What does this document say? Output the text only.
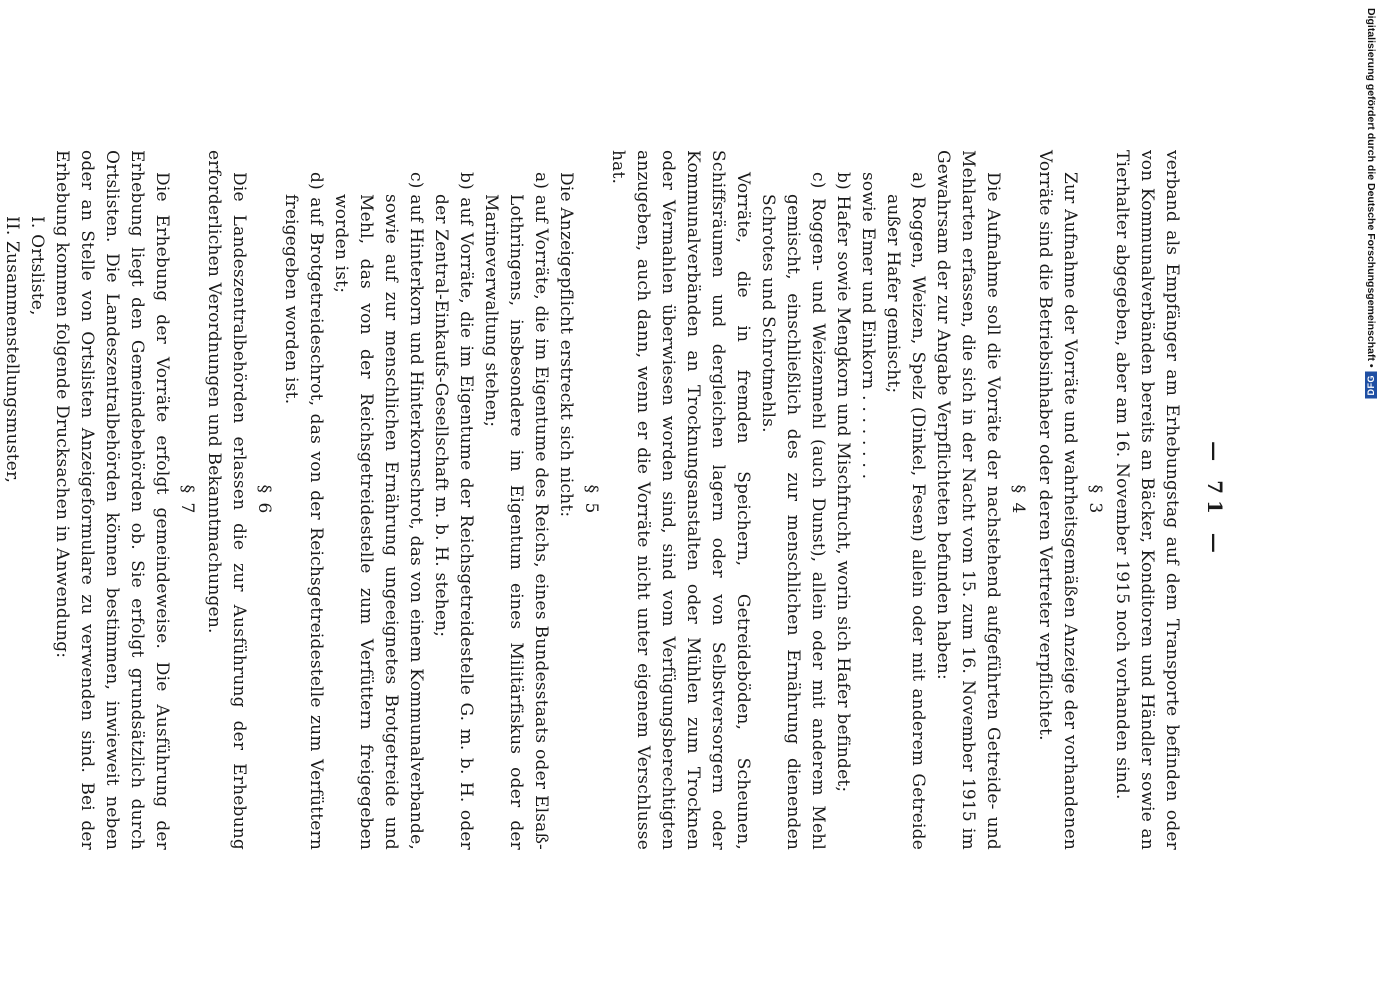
— 71 —

verband als Empfänger am Erhebungstag auf dem Transporte befinden oder von Kommunalverbänden bereits an Bäcker, Konditoren und Händler sowie an Tierhalter abgegeben, aber am 16. November 1915 noch vorhanden sind.

§ 3

Zur Aufnahme der Vorräte und wahrheitsgemäßen Anzeige der vorhandenen Vorräte sind die Betriebsinhaber oder deren Vertreter verpflichtet.

§ 4

Die Aufnahme soll die Vorräte der nachstehend aufgeführten Getreide- und Mehlarten erfassen, die sich in der Nacht vom 15. zum 16. November 1915 im Gewahrsam der zur Angabe Verpflichteten befunden haben:

a) Roggen, Weizen, Spelz (Dinkel, Fesen) allein oder mit anderem Getreide außer Hafer gemischt;

sowie Emer und Einkorn . . . . . . . .

b) Hafer sowie Mengkorn und Mischfrucht, worin sich Hafer befindet;

c) Roggen- und Weizenmehl (auch Dunst), allein oder mit anderem Mehl gemischt, einschließlich des zur menschlichen Ernährung dienenden Schrotes und Schrotmehls.

Vorräte, die in fremden Speichern, Getreideböden, Scheunen, Schiffsräumen und dergleichen lagern oder von Selbstversorgern oder Kommunalverbänden an Trocknungsanstalten oder Mühlen zum Trocknen oder Vermahlen überwiesen worden sind, sind vom Verfügungsberechtigten anzugeben, auch dann, wenn er die Vorräte nicht unter eigenem Verschlusse hat.

§ 5

Die Anzeigepflicht erstreckt sich nicht:

a) auf Vorräte, die im Eigentume des Reichs, eines Bundesstaats oder Elsaß-Lothringens, insbesondere im Eigentum eines Militärfiskus oder der Marineverwaltung stehen;

b) auf Vorräte, die im Eigentume der Reichsgetreidestelle G. m. b. H. oder der Zentral-Einkaufs-Gesellschaft m. b. H. stehen;

c) auf Hinterkorn und Hinterkornschrot, das von einem Kommunalverbande, sowie auf zur menschlichen Ernährung ungeeignetes Brotgetreide und Mehl, das von der Reichsgetreidestelle zum Verfüttern freigegeben worden ist;

d) auf Brotgetreideschrot, das von der Reichsgetreidestelle zum Verfüttern freigegeben worden ist.

§ 6

Die Landeszentralbehörden erlassen die zur Ausführung der Erhebung erforderlichen Verordnungen und Bekanntmachungen.

§ 7

Die Erhebung der Vorräte erfolgt gemeindeweise. Die Ausführung der Erhebung liegt den Gemeindebehörden ob. Sie erfolgt grundsätzlich durch Ortslisten. Die Landeszentralbehörden können bestimmen, inwieweit neben oder an Stelle von Ortslisten Anzeigeformulare zu verwenden sind. Bei der Erhebung kommen folgende Drucksachen in Anwendung:

I. Ortsliste,

II. Zusammenstellungsmuster,	Digitalisierung gefördert durch die Deutsche Forschungsgemeinschaft •
DFG
